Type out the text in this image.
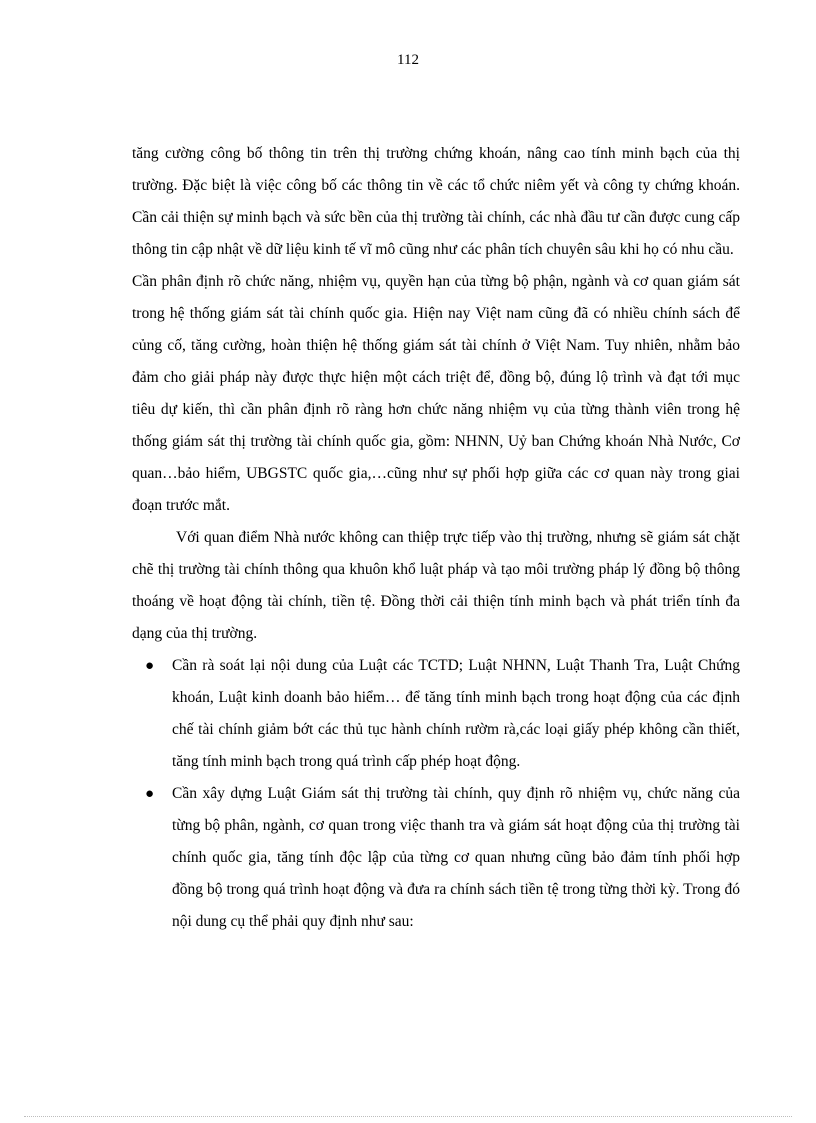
112

tăng cường công bố thông tin trên thị trường chứng khoán, nâng cao tính minh bạch của thị trường. Đặc biệt là việc công bố các thông tin về các tổ chức niêm yết và công ty chứng khoán. Cần cải thiện sự minh bạch và sức bền của thị trường tài chính, các nhà đầu tư cần được cung cấp thông tin cập nhật về dữ liệu kinh tế vĩ mô cũng như các phân tích chuyên sâu khi họ có nhu cầu.

Cần phân định rõ chức năng, nhiệm vụ, quyền hạn của từng bộ phận, ngành và cơ quan giám sát trong hệ thống giám sát tài chính quốc gia. Hiện nay Việt nam cũng đã có nhiều chính sách để củng cố, tăng cường, hoàn thiện hệ thống giám sát tài chính ở Việt Nam. Tuy nhiên, nhằm bảo đảm cho giải pháp này được thực hiện một cách triệt để, đồng bộ, đúng lộ trình và đạt tới mục tiêu dự kiến, thì cần phân định rõ ràng hơn chức năng nhiệm vụ của từng thành viên trong hệ thống giám sát thị trường tài chính quốc gia, gồm: NHNN, Uỷ ban Chứng khoán Nhà Nước, Cơ quan…bảo hiểm, UBGSTC quốc gia,…cũng như sự phối hợp giữa các cơ quan này trong giai đoạn trước mắt.

Với quan điểm Nhà nước không can thiệp trực tiếp vào thị trường, nhưng sẽ giám sát chặt chẽ thị trường tài chính thông qua khuôn khổ luật pháp và tạo môi trường pháp lý đồng bộ thông thoáng về hoạt động tài chính, tiền tệ. Đồng thời cải thiện tính minh bạch và phát triển tính đa dạng của thị trường.

● Cần rà soát lại nội dung của Luật các TCTD; Luật NHNN, Luật Thanh Tra, Luật Chứng khoán, Luật kinh doanh bảo hiểm… để tăng tính minh bạch trong hoạt động của các định chế tài chính giảm bớt các thủ tục hành chính rườm rà,các loại giấy phép không cần thiết, tăng tính minh bạch trong quá trình cấp phép hoạt động.
● Cần xây dựng Luật Giám sát thị trường tài chính, quy định rõ nhiệm vụ, chức năng của từng bộ phân, ngành, cơ quan trong việc thanh tra và giám sát hoạt động của thị trường tài chính quốc gia, tăng tính độc lập của từng cơ quan nhưng cũng bảo đảm tính phối hợp đồng bộ trong quá trình hoạt động và đưa ra chính sách tiền tệ trong từng thời kỳ. Trong đó nội dung cụ thể phải quy định như sau:
